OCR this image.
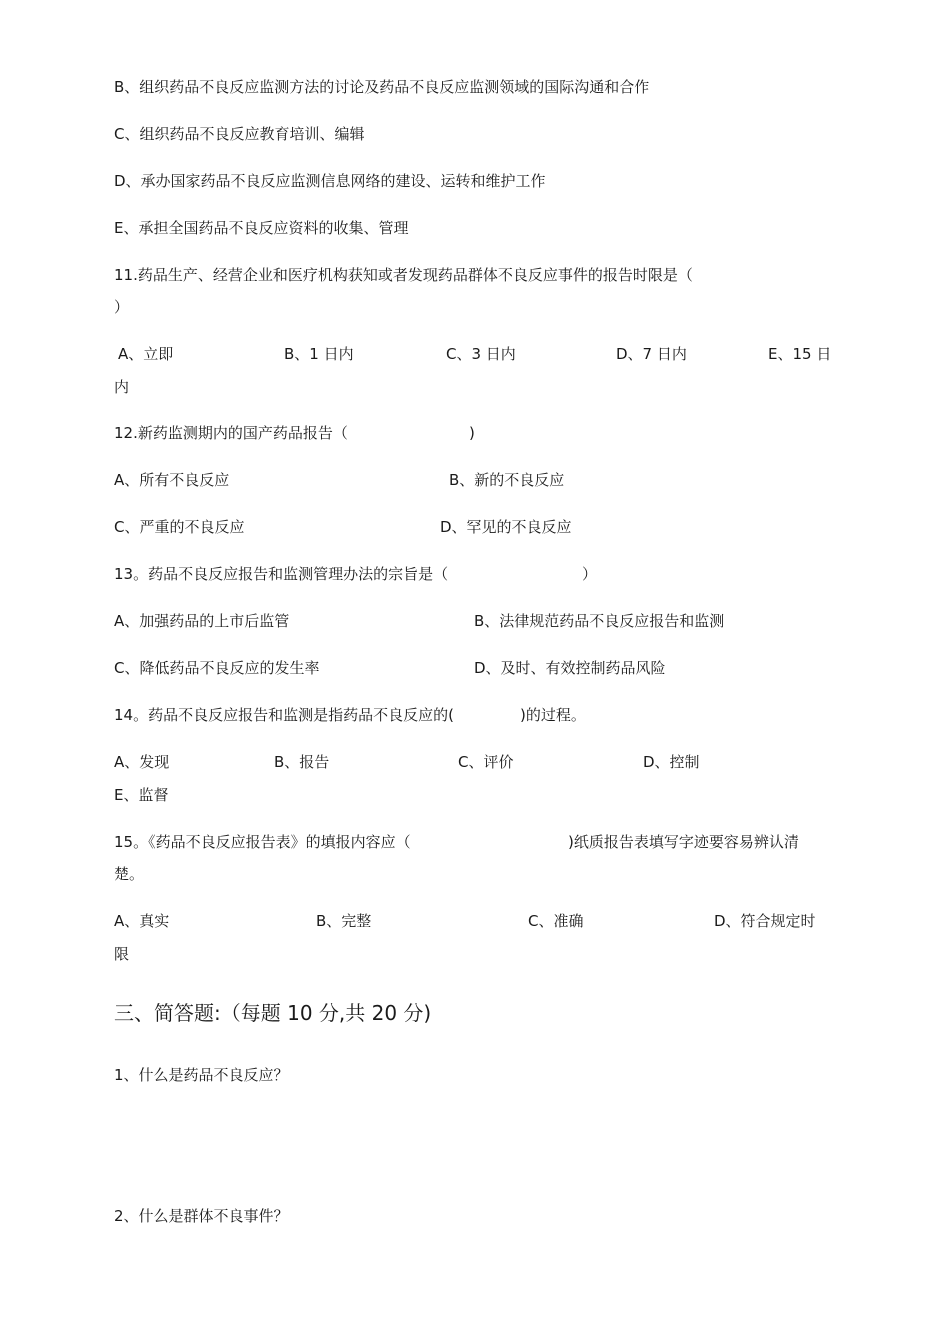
B、组织药品不良反应监测方法的讨论及药品不良反应监测领域的国际沟通和合作
C、组织药品不良反应教育培训、编辑
D、承办国家药品不良反应监测信息网络的建设、运转和维护工作
E、承担全国药品不良反应资料的收集、管理
11.药品生产、经营企业和医疗机构获知或者发现药品群体不良反应事件的报告时限是（
）
A、立即	B、1 日内	C、3 日内	D、7 日内	E、15 日
内
12.新药监测期内的国产药品报告（	)
A、所有不良反应	B、新的不良反应
C、严重的不良反应	D、罕见的不良反应
13。药品不良反应报告和监测管理办法的宗旨是（	）
A、加强药品的上市后监管	B、法律规范药品不良反应报告和监测
C、降低药品不良反应的发生率	D、及时、有效控制药品风险
14。药品不良反应报告和监测是指药品不良反应的(	)的过程。
A、发现	B、报告	C、评价	D、控制
E、监督
15。《药品不良反应报告表》的填报内容应（	)纸质报告表填写字迹要容易辨认清
楚。
A、真实	B、完整	C、准确	D、符合规定时
限
三、简答题:（每题 10 分,共 20 分)
1、什么是药品不良反应？
2、什么是群体不良事件？
